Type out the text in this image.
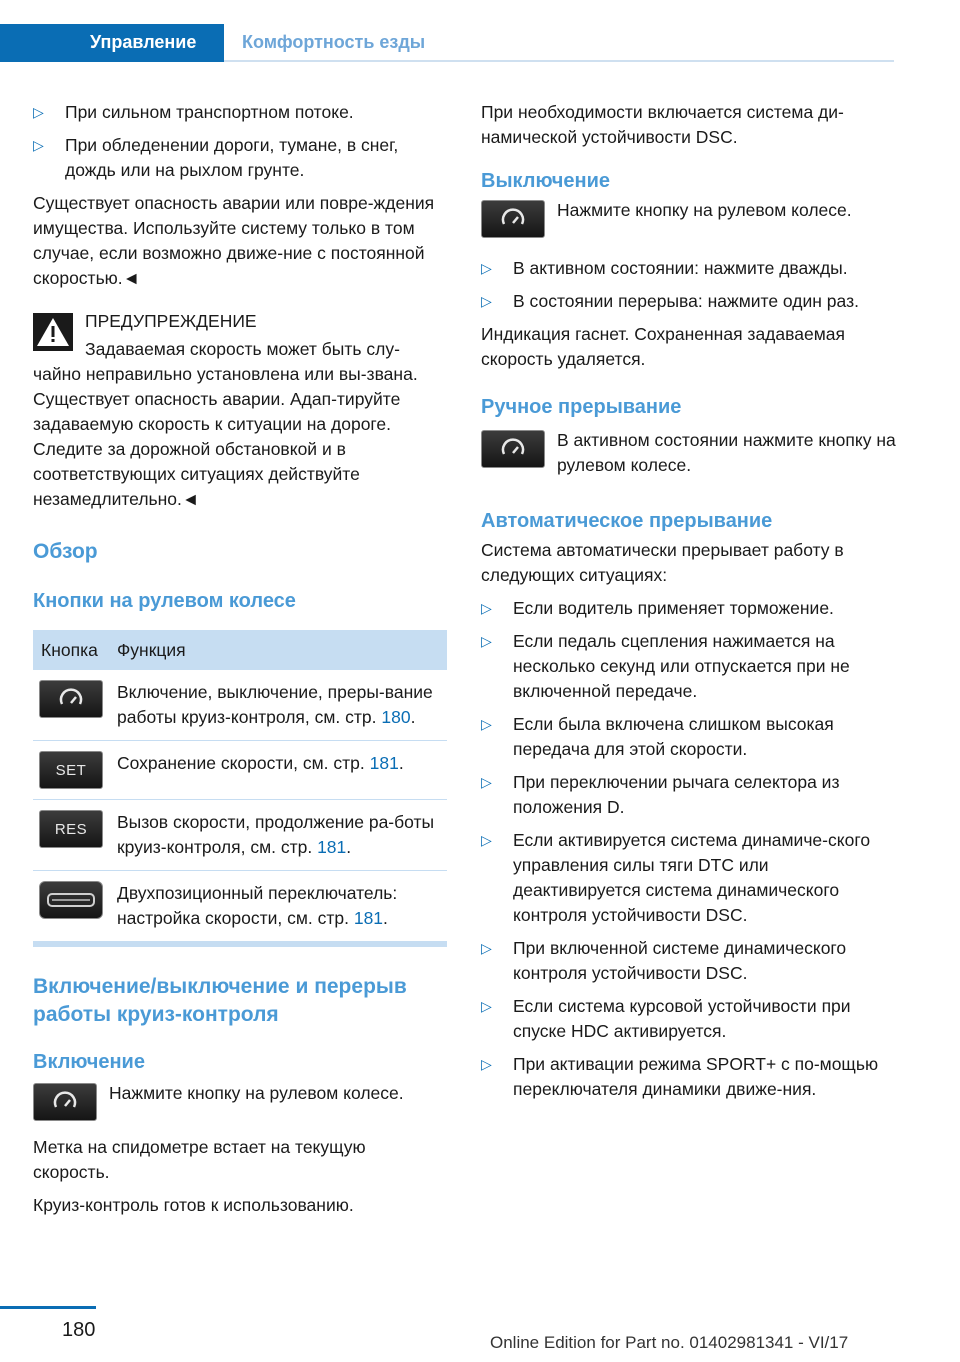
Управление	Комфортность езды
▷	При сильном транспортном потоке.
▷	При обледенении дороги, тумане, в снег, дождь или на рыхлом грунте.

Существует опасность аварии или повре-ждения имущества. Используйте систему только в том случае, если возможно движе-ние с постоянной скоростью.◄

ПРЕДУПРЕЖДЕНИЕ

Задаваемая скорость может быть слу-чайно неправильно установлена или вы-звана. Существует опасность аварии. Адап-тируйте задаваемую скорость к ситуации на дороге. Следите за дорожной обстановкой и в соответствующих ситуациях действуйте незамедлительно.◄

Обзор
Кнопки на рулевом колесе
Кнопка	Функция

	Включение, выключение, преры-вание работы круиз-контроля, см. стр. 180.

SET	Сохранение скорости, см. стр. 181.

RES	Вызов скорости, продолжение ра-боты круиз-контроля, см. стр. 181.

	Двухпозиционный переключатель: настройка скорости, см. стр. 181.
Включение/выключение и перерыв работы круиз-контроля
Включение
Нажмите кнопку на рулевом колесе.

Метка на спидометре встает на текущую скорость.

Круиз-контроль готов к использованию.

При необходимости включается система ди-намической устойчивости DSC.

Выключение
Нажмите кнопку на рулевом колесе.
▷	В активном состоянии: нажмите дважды.
▷	В состоянии перерыва: нажмите один раз.

Индикация гаснет. Сохраненная задаваемая скорость удаляется.

Ручное прерывание
В активном состоянии нажмите кнопку на рулевом колесе.
Автоматическое прерывание

Система автоматически прерывает работу в следующих ситуациях:

▷	Если водитель применяет торможение.
▷	Если педаль сцепления нажимается на несколько секунд или отпускается при не включенной передаче.
▷	Если была включена слишком высокая передача для этой скорости.
▷	При переключении рычага селектора из положения D.
▷	Если активируется система динамиче-ского управления силы тяги DTC или деактивируется система динамического контроля устойчивости DSC.
▷	При включенной системе динамического контроля устойчивости DSC.
▷	Если система курсовой устойчивости при спуске HDC активируется.
▷	При активации режима SPORT+ с по-мощью переключателя динамики движе-ния.
180
Online Edition for Part no. 01402981341 - VI/17
